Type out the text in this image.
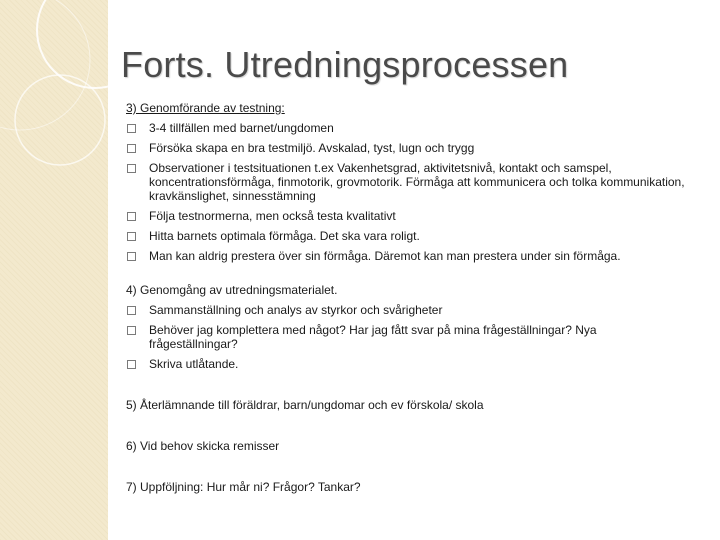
Forts. Utredningsprocessen

3) Genomförande av testning:

3-4 tillfällen med barnet/ungdomen
Försöka skapa en bra testmiljö. Avskalad, tyst, lugn och trygg
Observationer i testsituationen t.ex Vakenhetsgrad, aktivitetsnivå, kontakt och samspel, koncentrationsförmåga, finmotorik, grovmotorik. Förmåga att kommunicera och tolka kommunikation, kravkänslighet, sinnesstämning
Följa testnormerna, men också testa kvalitativt
Hitta barnets optimala förmåga. Det ska vara roligt.
Man kan aldrig prestera över sin förmåga. Däremot kan man prestera under sin förmåga.

4) Genomgång av utredningsmaterialet.

Sammanställning och analys av styrkor och svårigheter
Behöver jag komplettera med något? Har jag fått svar på mina frågeställningar? Nya frågeställningar?
Skriva utlåtande.

5) Återlämnande till föräldrar, barn/ungdomar och ev förskola/ skola

6) Vid behov skicka remisser

7) Uppföljning: Hur mår ni? Frågor? Tankar?
